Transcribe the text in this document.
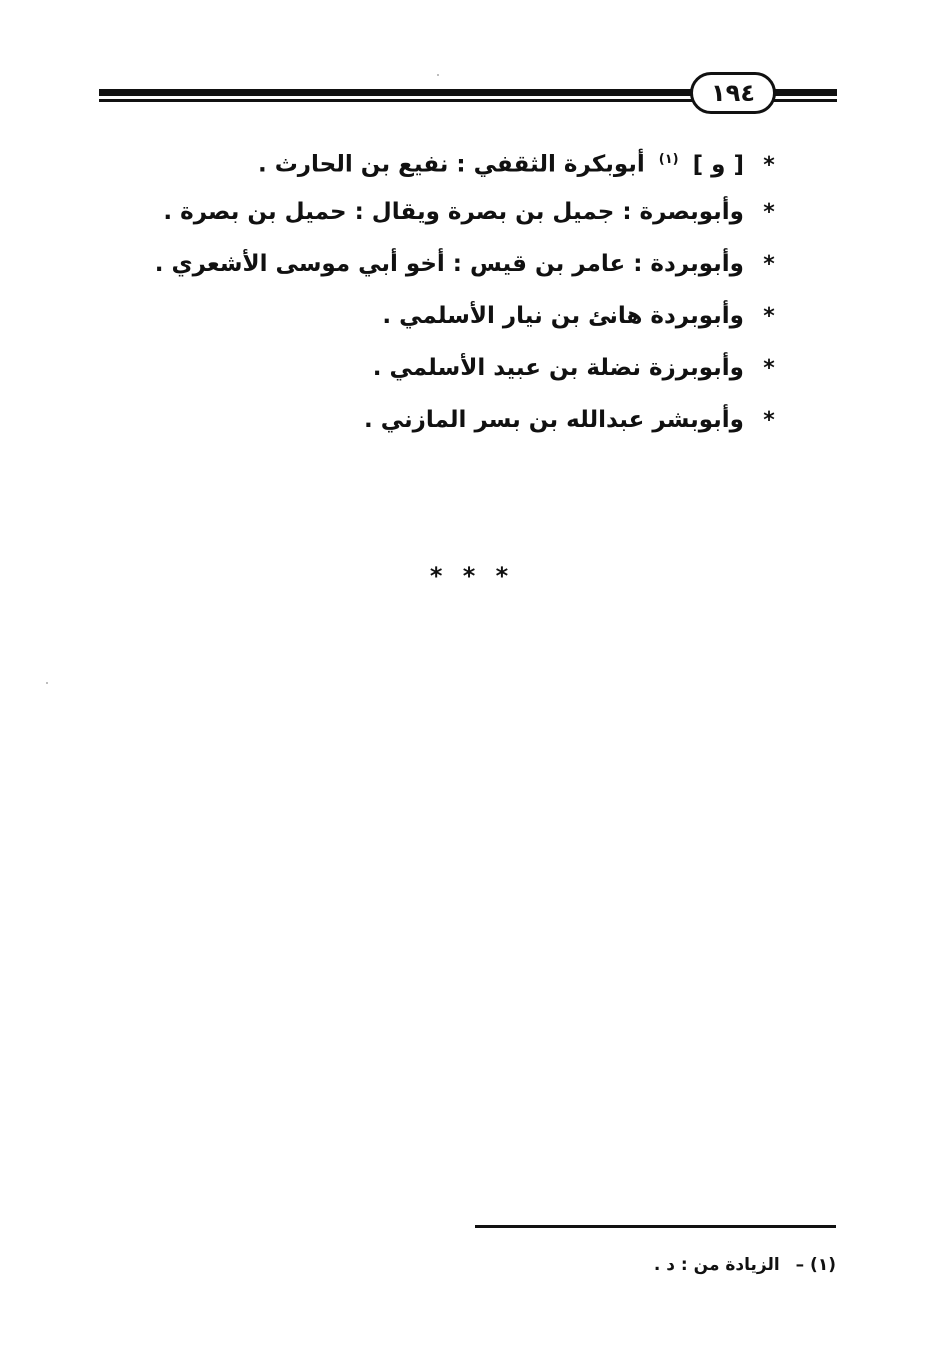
١٩٤
* [ و ] $^{(١)}$ أبوبكرة الثقفي : نفيع بن الحارث .
* وأبوبصرة : جميل بن بصرة ويقال : حميل بن بصرة .
* وأبوبردة : عامر بن قيس : أخو أبي موسى الأشعري .
* وأبوبردة هانئ بن نيار الأسلمي .
* وأبوبرزة نضلة بن عبيد الأسلمي .
* وأبوبشر عبدالله بن بسر المازني .
* * *
(١) – الزيادة من : د .
